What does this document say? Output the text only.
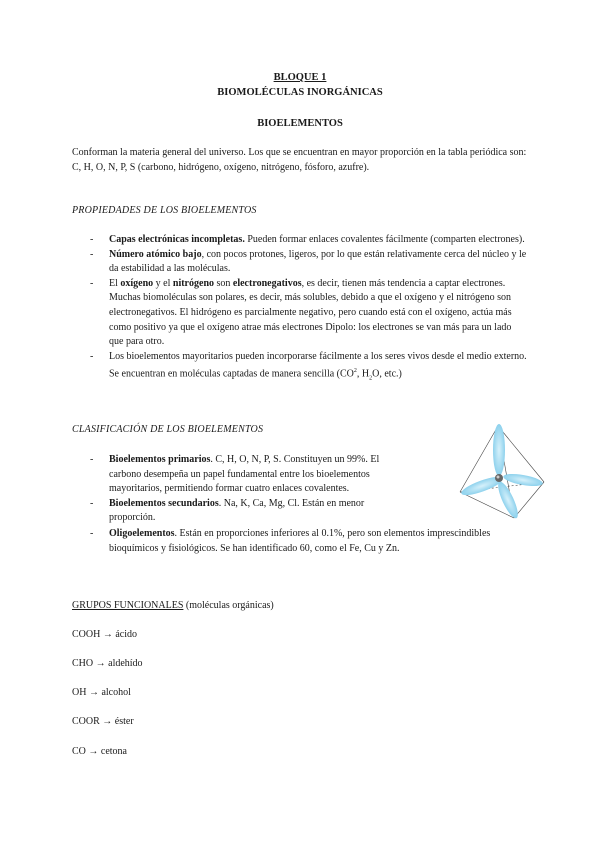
BLOQUE 1
BIOMOLÉCULAS INORGÁNICAS
BIOELEMENTOS

Conforman la materia general del universo. Los que se encuentran en mayor proporción en la tabla periódica son: C, H, O, N, P, S (carbono, hidrógeno, oxígeno, nitrógeno, fósforo, azufre).

PROPIEDADES DE LOS BIOELEMENTOS
- Capas electrónicas incompletas. Pueden formar enlaces covalentes fácilmente (comparten electrones).
- Número atómico bajo, con pocos protones, ligeros, por lo que están relativamente cerca del núcleo y le da estabilidad a las moléculas.
- El oxígeno y el nitrógeno son electronegativos, es decir, tienen más tendencia a captar electrones. Muchas biomoléculas son polares, es decir, más solubles, debido a que el oxígeno y el nitrógeno son electronegativos. El hidrógeno es parcialmente negativo, pero cuando está con el oxígeno, actúa más como positivo ya que el oxígeno atrae más electrones Dipolo: los electrones se van más para un lado que para otro.
- Los bioelementos mayoritarios pueden incorporarse fácilmente a los seres vivos desde el medio externo. Se encuentran en moléculas captadas de manera sencilla ($CO^2$, $H_2O$, etc.)
CLASIFICACIÓN DE LOS BIOELEMENTOS
- Bioelementos primarios. C, H, O, N, P, S. Constituyen un 99%. El carbono desempeña un papel fundamental entre los bioelementos mayoritarios, permitiendo formar cuatro enlaces covalentes.
- Bioelementos secundarios. Na, K, Ca, Mg, Cl. Están en menor proporción.
- Oligoelementos. Están en proporciones inferiores al 0.1%, pero son elementos imprescindibles bioquímicos y fisiológicos. Se han identificado 60, como el Fe, Cu y Zn.
GRUPOS FUNCIONALES (moléculas orgánicas)
COOH → ácido
CHO → aldehído
OH → alcohol
COOR → éster
CO → cetona
